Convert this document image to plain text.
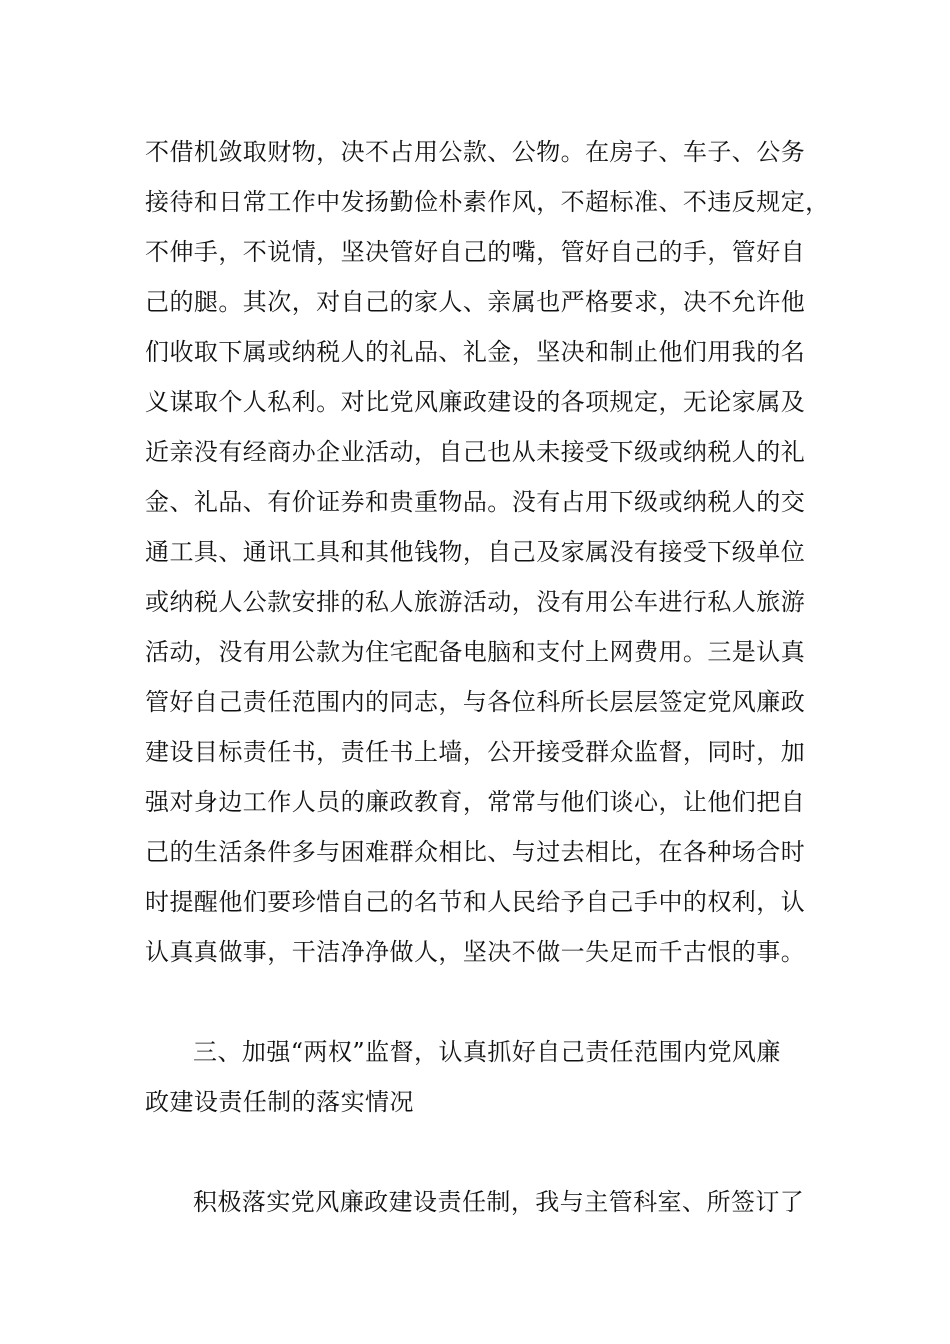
不借机敛取财物，决不占用公款、公物。在房子、车子、公务
接待和日常工作中发扬勤俭朴素作风，不超标准、不违反规定，
不伸手，不说情，坚决管好自己的嘴，管好自己的手，管好自
己的腿。其次，对自己的家人、亲属也严格要求，决不允许他
们收取下属或纳税人的礼品、礼金，坚决和制止他们用我的名
义谋取个人私利。对比党风廉政建设的各项规定，无论家属及
近亲没有经商办企业活动，自己也从未接受下级或纳税人的礼
金、礼品、有价证券和贵重物品。没有占用下级或纳税人的交
通工具、通讯工具和其他钱物，自己及家属没有接受下级单位
或纳税人公款安排的私人旅游活动，没有用公车进行私人旅游
活动，没有用公款为住宅配备电脑和支付上网费用。三是认真
管好自己责任范围内的同志，与各位科所长层层签定党风廉政
建设目标责任书，责任书上墙，公开接受群众监督，同时，加
强对身边工作人员的廉政教育，常常与他们谈心，让他们把自
己的生活条件多与困难群众相比、与过去相比，在各种场合时
时提醒他们要珍惜自己的名节和人民给予自己手中的权利，认
认真真做事，干洁净净做人，坚决不做一失足而千古恨的事。
三、加强“两权”监督，认真抓好自己责任范围内党风廉
政建设责任制的落实情况
积极落实党风廉政建设责任制，我与主管科室、所签订了
